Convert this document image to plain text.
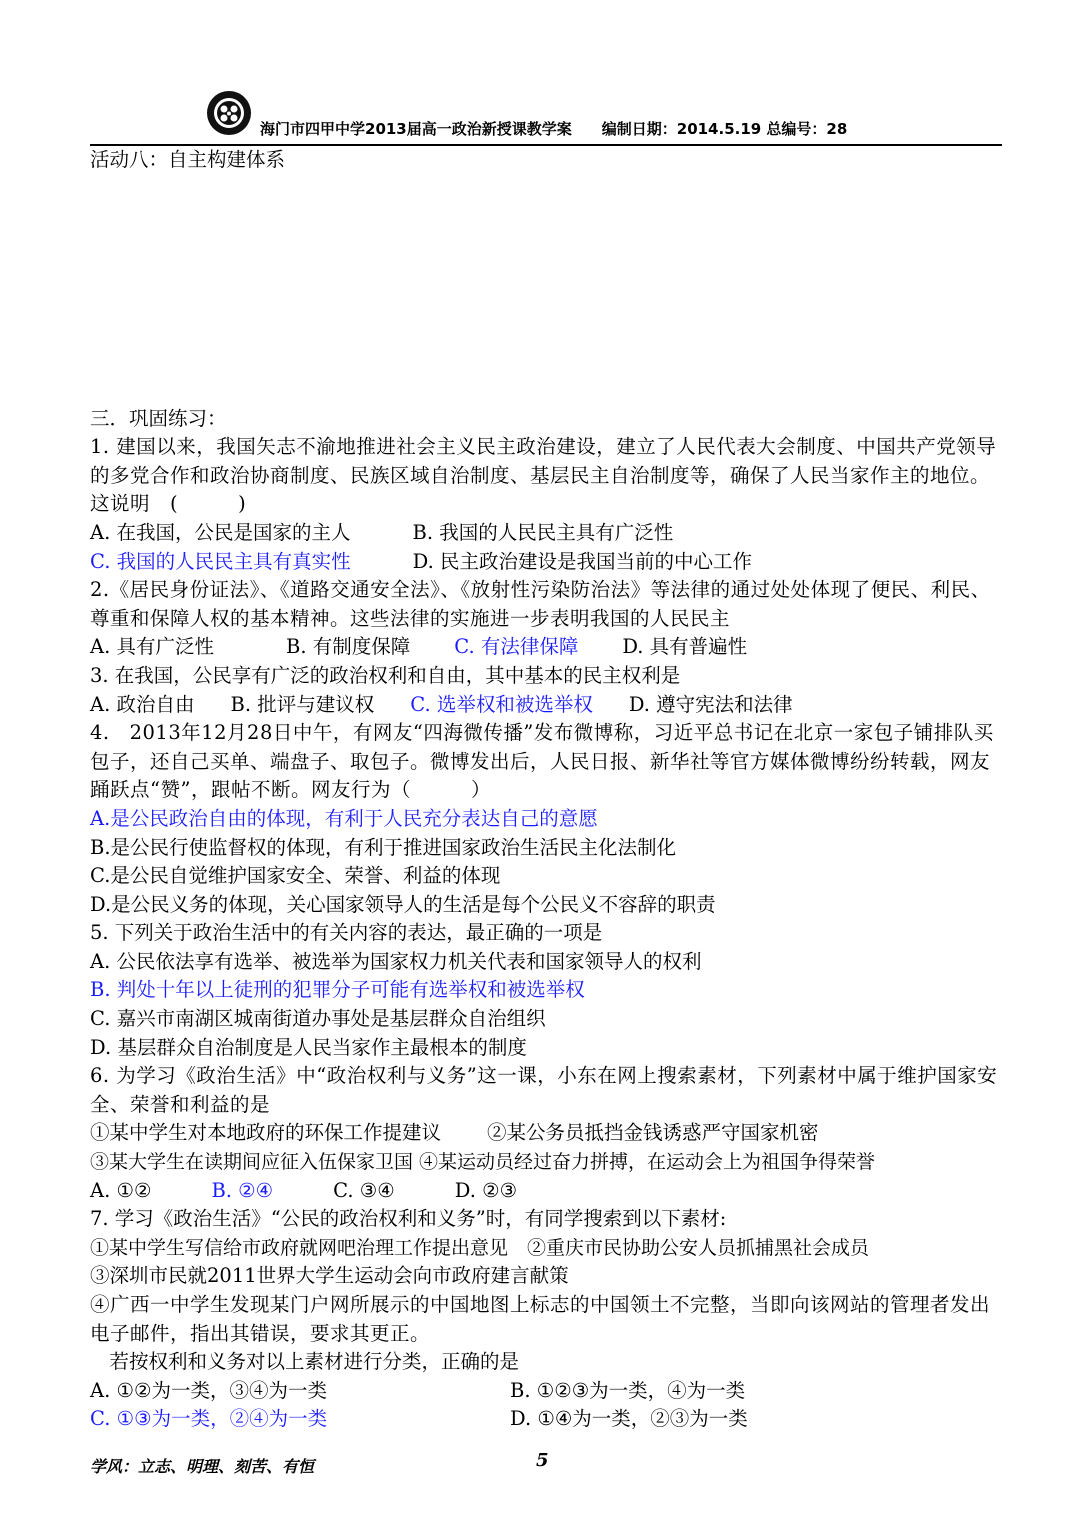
海门市四甲中学2013届高一政治新授课教学案　　编制日期：2014.5.19 总编号：28

活动八：自主构建体系

三．巩固练习：

1. 建国以来，我国矢志不渝地推进社会主义民主政治建设，建立了人民代表大会制度、中国共产党领导的多党合作和政治协商制度、民族区域自治制度、基层民主自治制度等，确保了人民当家作主的地位。这说明　(　　　)

A. 在我国，公民是国家的主人	B. 我国的人民民主具有广泛性

C. 我国的人民民主具有真实性	D. 民主政治建设是我国当前的中心工作

2.《居民身份证法》、《道路交通安全法》、《放射性污染防治法》等法律的通过处处体现了便民、利民、尊重和保障人权的基本精神。这些法律的实施进一步表明我国的人民民主

A. 具有广泛性	B. 有制度保障 C. 有法律保障 D. 具有普遍性

3. 在我国，公民享有广泛的政治权利和自由，其中基本的民主权利是

A. 政治自由 B. 批评与建议权 C. 选举权和被选举权 D. 遵守宪法和法律

4.　2013年12月28日中午，有网友“四海微传播”发布微博称，习近平总书记在北京一家包子铺排队买包子，还自己买单、端盘子、取包子。微博发出后，人民日报、新华社等官方媒体微博纷纷转载，网友踊跃点“赞”，跟帖不断。网友行为（　　　）

A.是公民政治自由的体现，有利于人民充分表达自己的意愿

B.是公民行使监督权的体现，有利于推进国家政治生活民主化法制化

C.是公民自觉维护国家安全、荣誉、利益的体现

D.是公民义务的体现，关心国家领导人的生活是每个公民义不容辞的职责

5. 下列关于政治生活中的有关内容的表达，最正确的一项是

A. 公民依法享有选举、被选举为国家权力机关代表和国家领导人的权利

B. 判处十年以上徒刑的犯罪分子可能有选举权和被选举权

C. 嘉兴市南湖区城南街道办事处是基层群众自治组织

D. 基层群众自治制度是人民当家作主最根本的制度

6. 为学习《政治生活》中“政治权利与义务”这一课，小东在网上搜索素材，下列素材中属于维护国家安全、荣誉和利益的是

①某中学生对本地政府的环保工作提建议 ②某公务员抵挡金钱诱惑严守国家机密

③某大学生在读期间应征入伍保家卫国 ④某运动员经过奋力拼搏，在运动会上为祖国争得荣誉

A. ①②	B. ②④	C. ③④	D. ②③

7. 学习《政治生活》“公民的政治权利和义务”时，有同学搜索到以下素材:

①某中学生写信给市政府就网吧治理工作提出意见　②重庆市民协助公安人员抓捕黑社会成员

③深圳市民就2011世界大学生运动会向市政府建言献策

④广西一中学生发现某门户网所展示的中国地图上标志的中国领土不完整，当即向该网站的管理者发出电子邮件，指出其错误，要求其更正。

　若按权利和义务对以上素材进行分类，正确的是

A. ①②为一类，③④为一类	B. ①②③为一类，④为一类

C. ①③为一类，②④为一类	D. ①④为一类，②③为一类

学风：立志、明理、刻苦、有恒	5
